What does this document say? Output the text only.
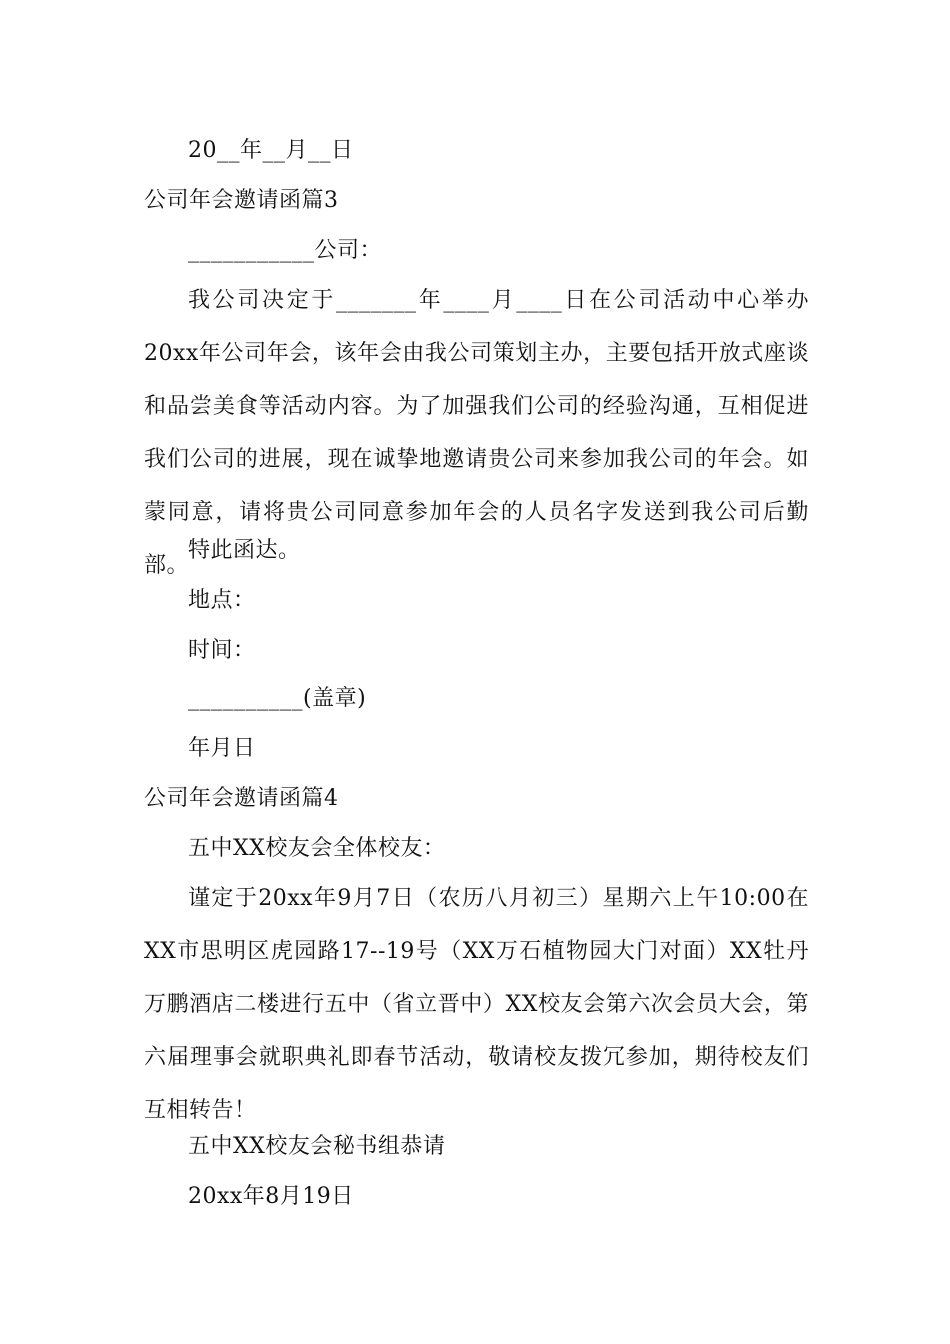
20__年__月__日
公司年会邀请函篇3
___________公司：
我公司决定于_______年____月____日在公司活动中心举办20xx年公司年会，该年会由我公司策划主办，主要包括开放式座谈和品尝美食等活动内容。为了加强我们公司的经验沟通，互相促进我们公司的进展，现在诚挚地邀请贵公司来参加我公司的年会。如蒙同意，请将贵公司同意参加年会的人员名字发送到我公司后勤部。
特此函达。
地点：
时间：
__________(盖章)
年月日
公司年会邀请函篇4
五中XX校友会全体校友：
谨定于20xx年9月7日（农历八月初三）星期六上午10:00在XX市思明区虎园路17--19号（XX万石植物园大门对面）XX牡丹万鹏酒店二楼进行五中（省立晋中）XX校友会第六次会员大会，第六届理事会就职典礼即春节活动，敬请校友拨冗参加，期待校友们互相转告！
五中XX校友会秘书组恭请
20xx年8月19日
